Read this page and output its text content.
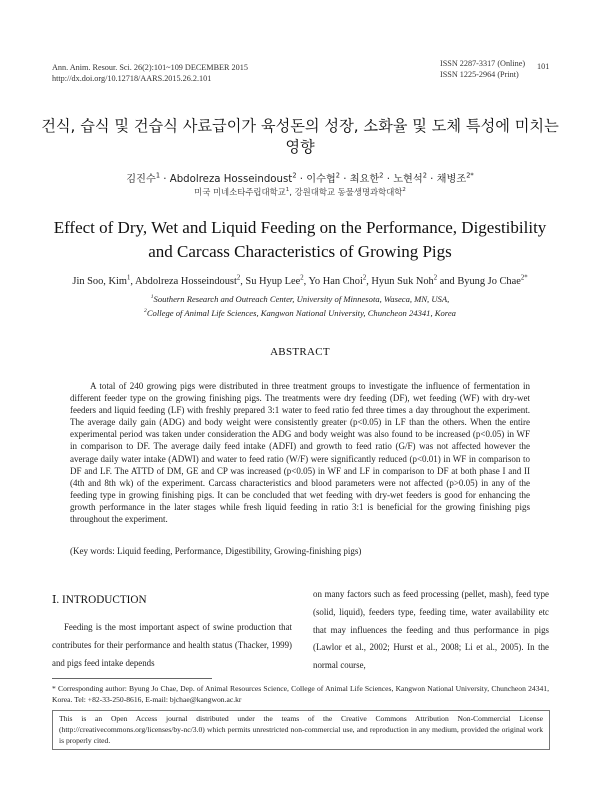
Ann. Anim. Resour. Sci. 26(2):101~109 DECEMBER 2015
http://dx.doi.org/10.12718/AARS.2015.26.2.101
ISSN 2287-3317 (Online)
ISSN 1225-2964 (Print)
101
건식, 습식 및 건습식 사료급이가 육성돈의 성장, 소화율 및 도체 특성에 미치는
영향
김진수$^1$ · Abdolreza Hosseindoust$^2$ · 이수협$^2$ · 최요한$^2$ · 노현석$^2$ · 채병조$^{2*}$
미국 미네소타주립대학교$^1$, 강원대학교 동물생명과학대학$^2$
Effect of Dry, Wet and Liquid Feeding on the Performance, Digestibility
and Carcass Characteristics of Growing Pigs
Jin Soo, Kim$^1$, Abdolreza Hosseindoust$^2$, Su Hyup Lee$^2$, Yo Han Choi$^2$, Hyun Suk Noh$^2$ and Byung Jo Chae$^{2*}$
$^1$Southern Research and Outreach Center, University of Minnesota, Waseca, MN, USA,
$^2$College of Animal Life Sciences, Kangwon National University, Chuncheon 24341, Korea
ABSTRACT

A total of 240 growing pigs were distributed in three treatment groups to investigate the influence of fermentation in different feeder type on the growing finishing pigs. The treatments were dry feeding (DF), wet feeding (WF) with dry-wet feeders and liquid feeding (LF) with freshly prepared 3:1 water to feed ratio fed three times a day throughout the experiment. The average daily gain (ADG) and body weight were consistently greater (p<0.05) in LF than the others. When the entire experimental period was taken under consideration the ADG and body weight was also found to be increased (p<0.05) in WF in comparison to DF. The average daily feed intake (ADFI) and growth to feed ratio (G/F) was not affected however the average daily water intake (ADWI) and water to feed ratio (W/F) were significantly reduced (p<0.01) in WF in comparison to DF and LF. The ATTD of DM, GE and CP was increased (p<0.05) in WF and LF in comparison to DF at both phase I and II (4th and 8th wk) of the experiment. Carcass characteristics and blood parameters were not affected (p>0.05) in any of the feeding type in growing finishing pigs. It can be concluded that wet feeding with dry-wet feeders is good for enhancing the growth performance in the later stages while fresh liquid feeding in ratio 3:1 is beneficial for the growing finishing pigs throughout the experiment.

(Key words: Liquid feeding, Performance, Digestibility, Growing-finishing pigs)
Ⅰ. INTRODUCTION

Feeding is the most important aspect of swine production that contributes for their performance and health status (Thacker, 1999) and pigs feed intake depends

on many factors such as feed processing (pellet, mash), feed type (solid, liquid), feeders type, feeding time, water availability etc that may influences the feeding and thus performance in pigs (Lawlor et al., 2002; Hurst et al., 2008; Li et al., 2005). In the normal course,

* Corresponding author: Byung Jo Chae, Dep. of Animal Resources Science, College of Animal Life Sciences, Kangwon National University, Chuncheon 24341, Korea. Tel: +82-33-250-8616, E-mail: bjchae@kangwon.ac.kr

This is an Open Access journal distributed under the teams of the Creative Commons Attribution Non-Commercial License (http://creativecommons.org/licenses/by-nc/3.0) which permits unrestricted non-commercial use, and reproduction in any medium, provided the original work is properly cited.
